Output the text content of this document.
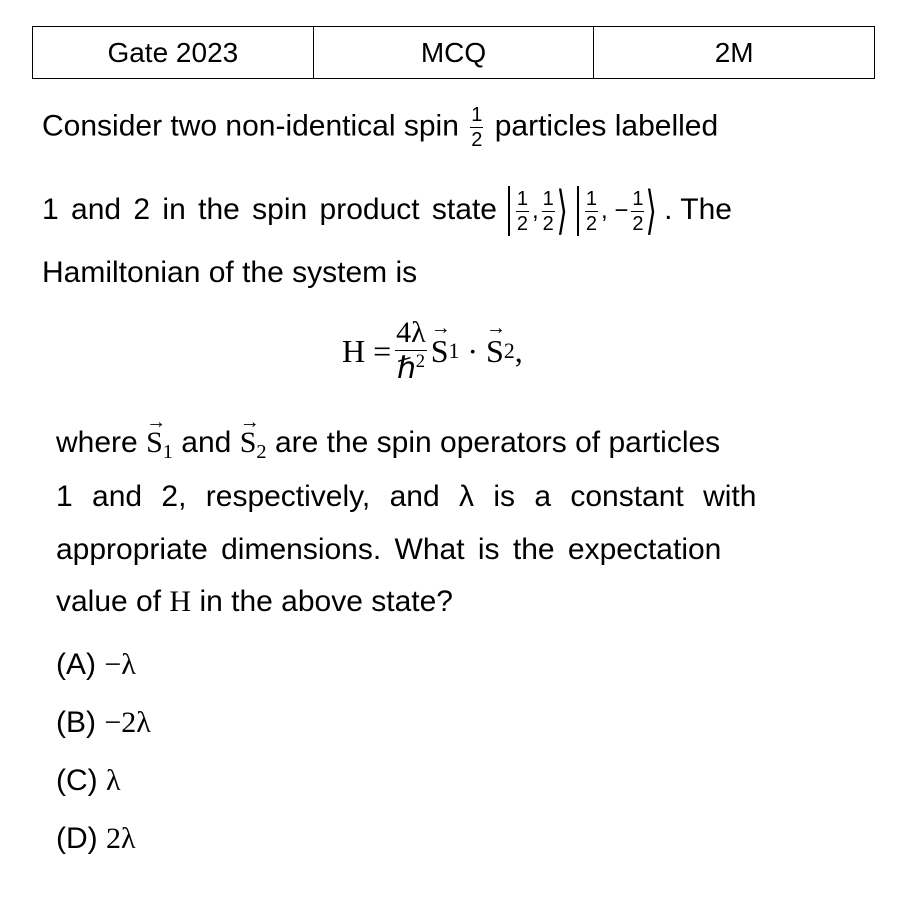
Gate 2023	MCQ	2M
Consider two non-identical spin $\frac{1}{2}$ particles labelled
1 and 2 in the spin product state $\frac{1}{2}$ , $\frac{1}{2}$ ⟩
$\frac{1}{2}$ , − $\frac{1}{2}$ ⟩ . The
Hamiltonian of the system is
$H = \frac{4\lambda}{\hbar^2}$ →
S 1 ·
→
S 2 ,
where
→
$S_1$ and
→
$S_2$ are the spin operators of particles
1 and 2, respectively, and λ is a constant with
appropriate dimensions. What is the expectation
value of H in the above state?
(A) −λ
(B) −2λ
(C) λ
(D) 2λ
